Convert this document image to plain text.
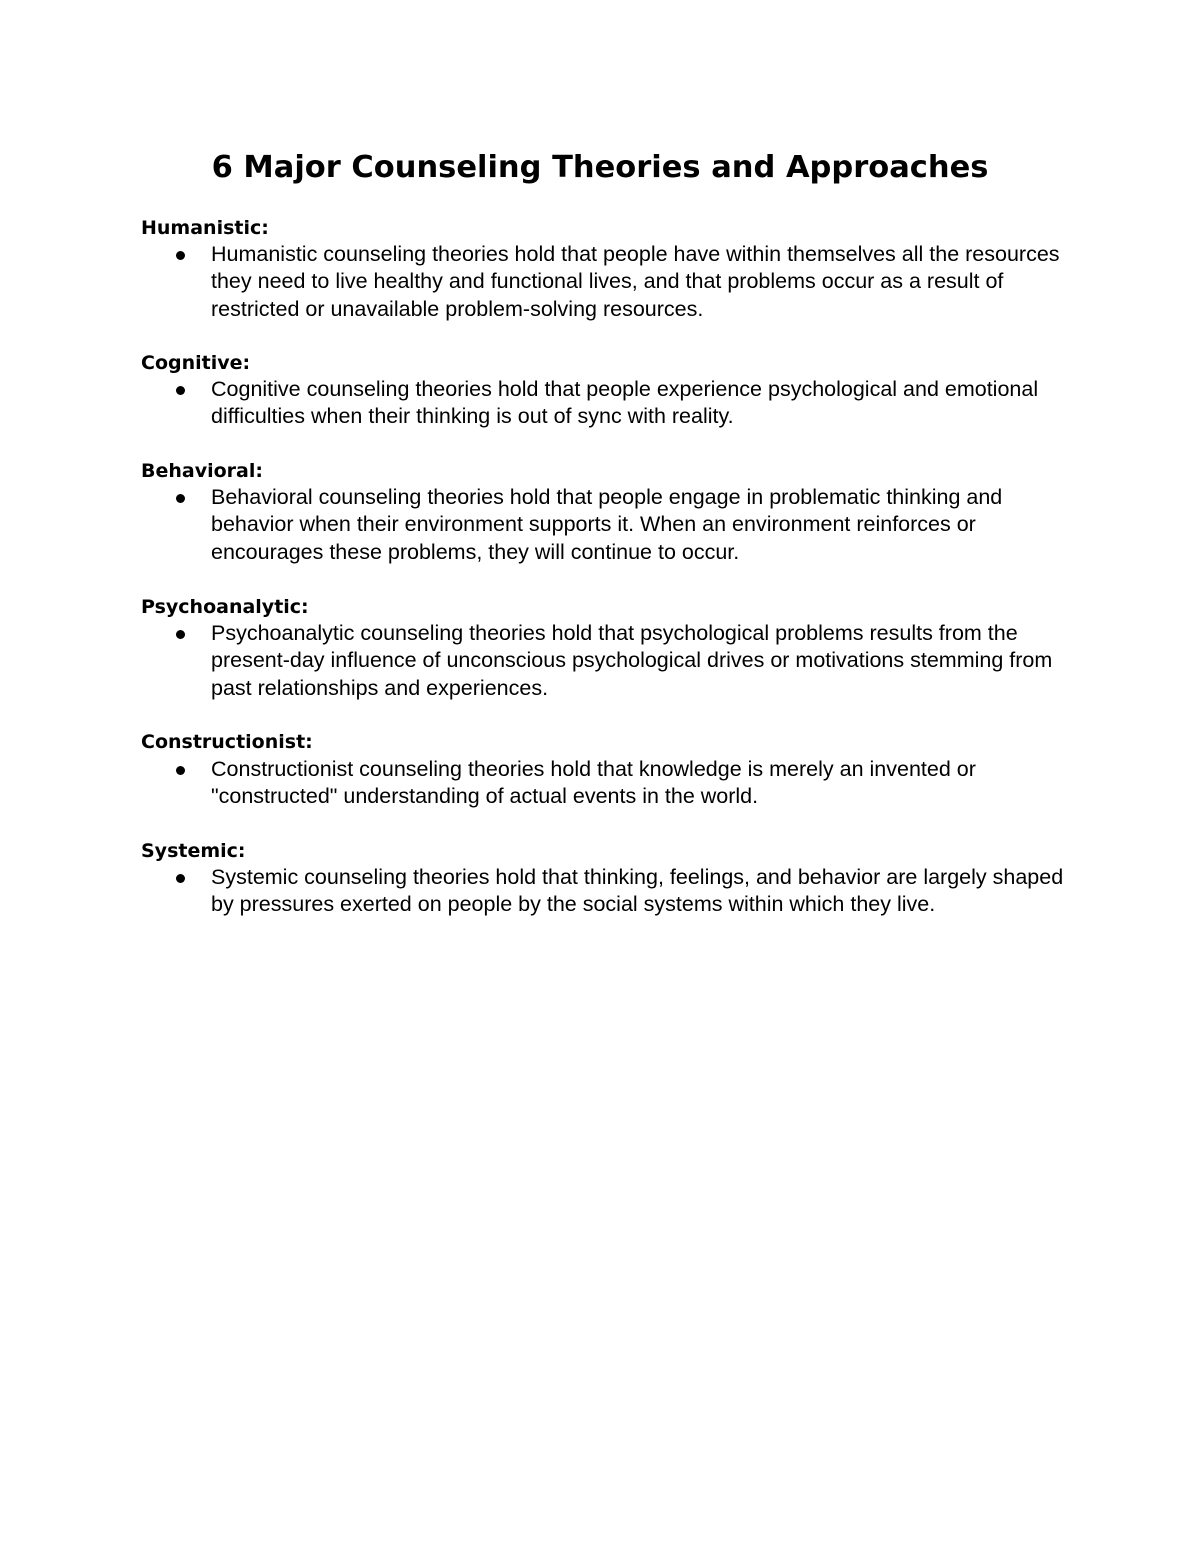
6 Major Counseling Theories and Approaches
Humanistic:
Humanistic counseling theories hold that people have within themselves all the resources they need to live healthy and functional lives, and that problems occur as a result of restricted or unavailable problem-solving resources.
Cognitive:
Cognitive counseling theories hold that people experience psychological and emotional difficulties when their thinking is out of sync with reality.
Behavioral:
Behavioral counseling theories hold that people engage in problematic thinking and behavior when their environment supports it. When an environment reinforces or encourages these problems, they will continue to occur.
Psychoanalytic:
Psychoanalytic counseling theories hold that psychological problems results from the present-day influence of unconscious psychological drives or motivations stemming from past relationships and experiences.
Constructionist:
Constructionist counseling theories hold that knowledge is merely an invented or "constructed" understanding of actual events in the world.
Systemic:
Systemic counseling theories hold that thinking, feelings, and behavior are largely shaped by pressures exerted on people by the social systems within which they live.
